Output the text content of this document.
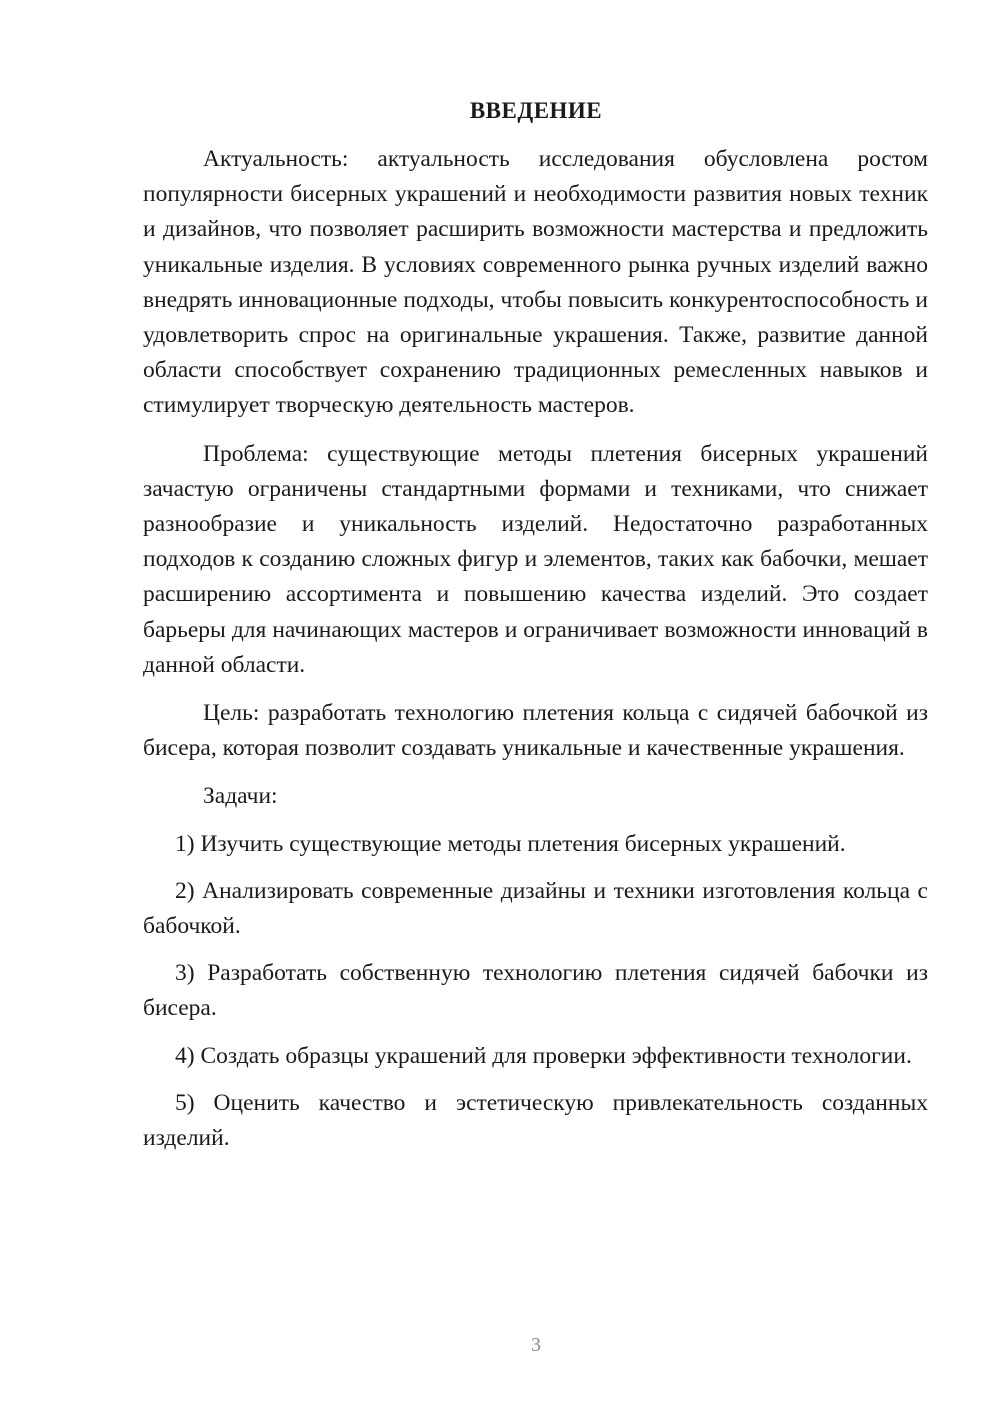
ВВЕДЕНИЕ

Актуальность: актуальность исследования обусловлена ростом популярности бисерных украшений и необходимости развития новых техник и дизайнов, что позволяет расширить возможности мастерства и предложить уникальные изделия. В условиях современного рынка ручных изделий важно внедрять инновационные подходы, чтобы повысить конкурентоспособность и удовлетворить спрос на оригинальные украшения. Также, развитие данной области способствует сохранению традиционных ремесленных навыков и стимулирует творческую деятельность мастеров.

Проблема: существующие методы плетения бисерных украшений зачастую ограничены стандартными формами и техниками, что снижает разнообразие и уникальность изделий. Недостаточно разработанных подходов к созданию сложных фигур и элементов, таких как бабочки, мешает расширению ассортимента и повышению качества изделий. Это создает барьеры для начинающих мастеров и ограничивает возможности инноваций в данной области.

Цель: разработать технологию плетения кольца с сидячей бабочкой из бисера, которая позволит создавать уникальные и качественные украшения.

Задачи:

1) Изучить существующие методы плетения бисерных украшений.

2) Анализировать современные дизайны и техники изготовления кольца с бабочкой.

3) Разработать собственную технологию плетения сидячей бабочки из бисера.

4) Создать образцы украшений для проверки эффективности технологии.

5) Оценить качество и эстетическую привлекательность созданных изделий.

3
